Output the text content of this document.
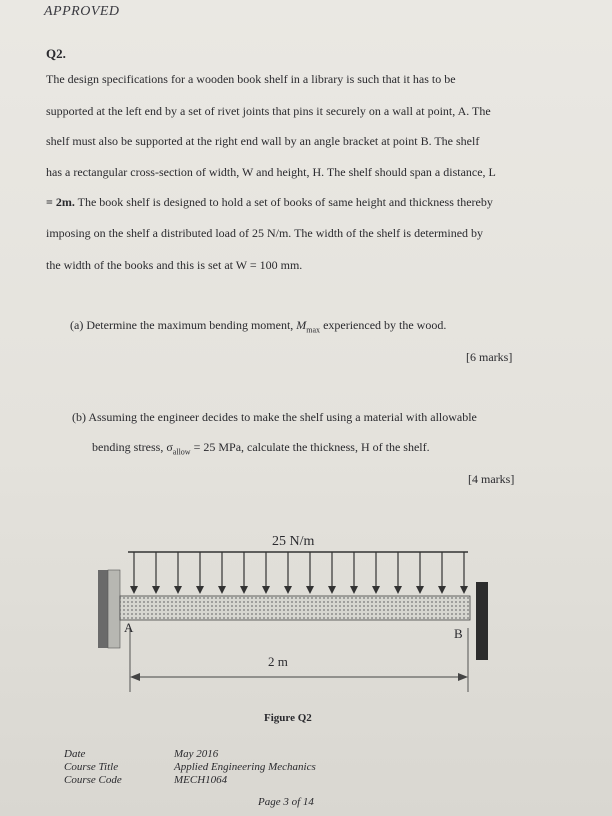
APPROVED
Q2.
The design specifications for a wooden book shelf in a library is such that it has to be
supported at the left end by a set of rivet joints that pins it securely on a wall at point, A. The
shelf must also be supported at the right end wall by an angle bracket at point B. The shelf
has a rectangular cross-section of width, W and height, H. The shelf should span a distance, L
= 2m. The book shelf is designed to hold a set of books of same height and thickness thereby
imposing on the shelf a distributed load of 25 N/m. The width of the shelf is determined by
the width of the books and this is set at W = 100 mm.
(a) Determine the maximum bending moment, $M_{max}$ experienced by the wood.
[6 marks]
(b) Assuming the engineer decides to make the shelf using a material with allowable
bending stress, $\sigma_{allow} = 25$ MPa, calculate the thickness, H of the shelf.
[4 marks]
25 N/m
A	B
2 m
Figure Q2
Date
Course Title
Course Code
May 2016
Applied Engineering Mechanics
MECH1064
Page 3 of 14
